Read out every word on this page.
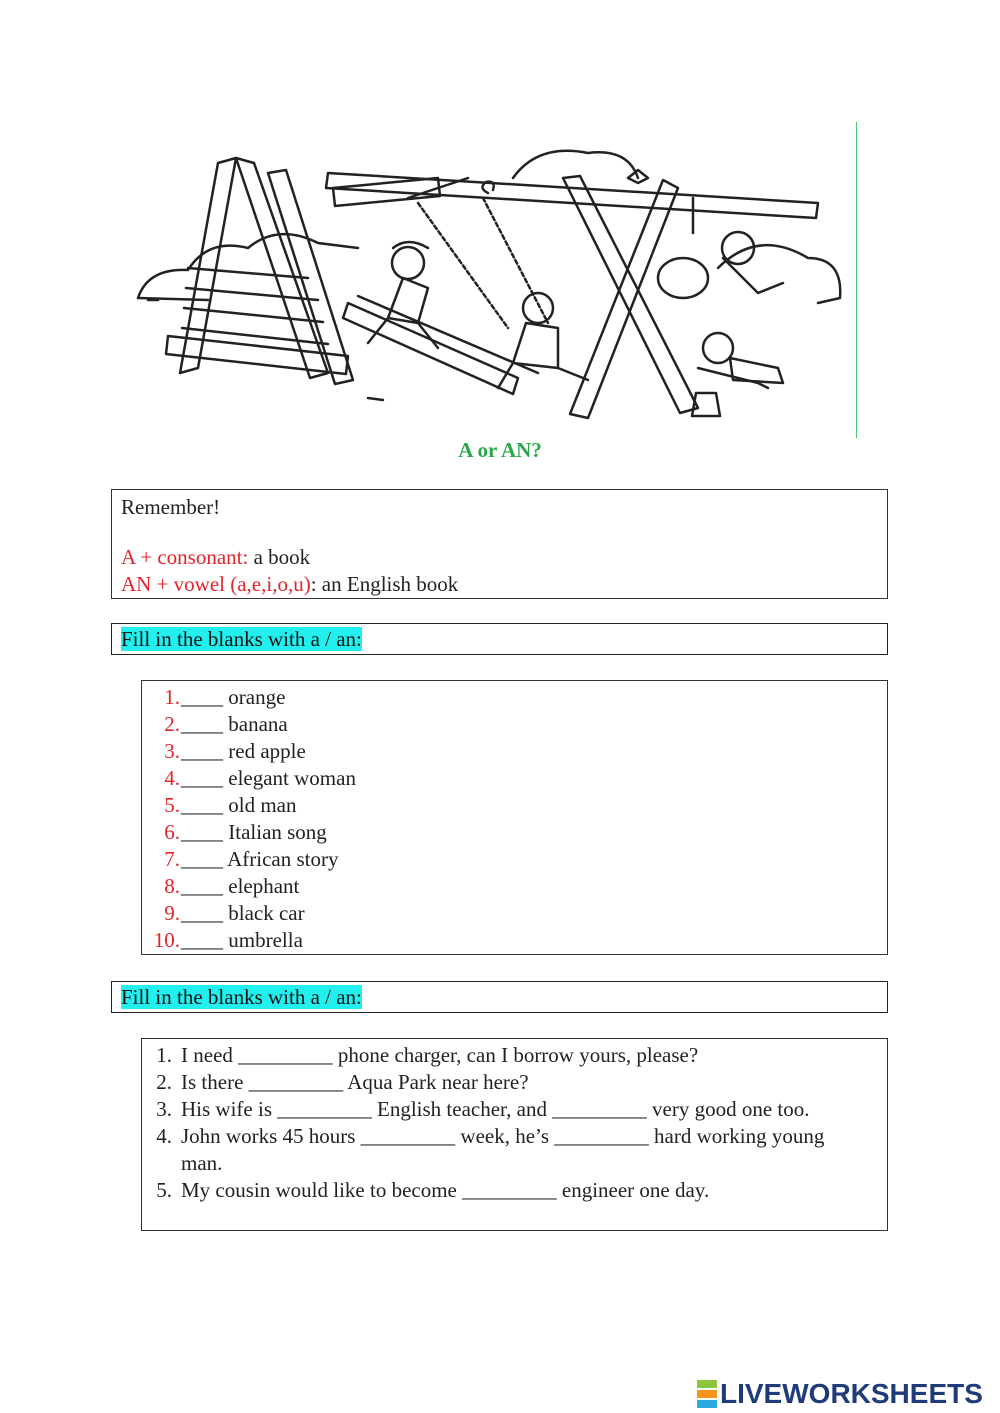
A or AN?
Remember!
A + consonant: a book
AN + vowel (a,e,i,o,u): an English book
Fill in the blanks with a / an:
1. ____ orange
2. ____ banana
3. ____ red apple
4. ____ elegant woman
5. ____ old man
6. ____ Italian song
7. ____ African story
8. ____ elephant
9. ____ black car
10. ____ umbrella
Fill in the blanks with a / an:
1. I need _________ phone charger, can I borrow yours, please?
2. Is there _________ Aqua Park near here?
3. His wife is _________ English teacher, and _________ very good one too.
4. John works 45 hours _________ week, he’s _________ hard working young man.
5. My cousin would like to become _________ engineer one day.
LIVEWORKSHEETS
